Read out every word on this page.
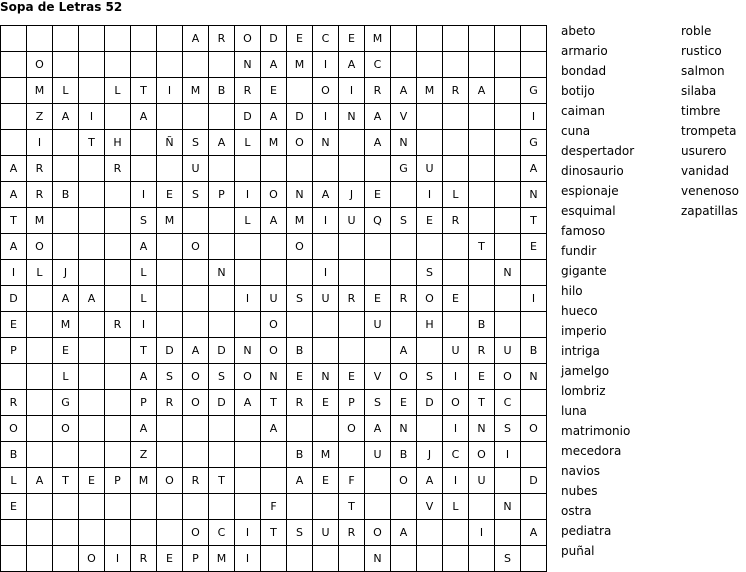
Sopa de Letras 52
							A	R	O	D	E	C	E	M						
	O								N	A	M	I	A	C						
	M	L		L	T	I	M	B	R	E		O	I	R	A	M	R	A		G
	Z	A	I		A				D	A	D	I	N	A	V					I
	I		T	H		Ñ	S	A	L	M	O	N		A	N					G
A	R			R			U								G	U				A
A	R	B			I	E	S	P	I	O	N	A	J	E		I	L			N
T	M				S	M			L	A	M	I	U	Q	S	E	R			T
A	O				A		O				O							T		E
I	L	J			L			N				I				S			N	
D		A	A		L				I	U	S	U	R	E	R	O	E			I
E		M		R	I					O				U		H		B		
P		E			T	D	A	D	N	O	B				A		U	R	U	B
		L			A	S	O	S	O	N	E	N	E	V	O	S	I	E	O	N
R		G			P	R	O	D	A	T	R	E	P	S	E	D	O	T	C	
O		O			A					A			O	A	N		I	N	S	O
B					Z						B	M		U	B	J	C	O	I	
L	A	T	E	P	M	O	R	T			A	E	F		O	A	I	U		D
E										F			T			V	L		N	
							O	C	I	T	S	U	R	O	A			I		A
			O	I	R	E	P	M	I					N					S	
abeto
armario
bondad
botijo
caiman
cuna
despertador
dinosaurio
espionaje
esquimal
famoso
fundir
gigante
hilo
hueco
imperio
intriga
jamelgo
lombriz
luna
matrimonio
mecedora
navios
nubes
ostra
pediatra
puñal
roble
rustico
salmon
silaba
timbre
trompeta
usurero
vanidad
venenoso
zapatillas
